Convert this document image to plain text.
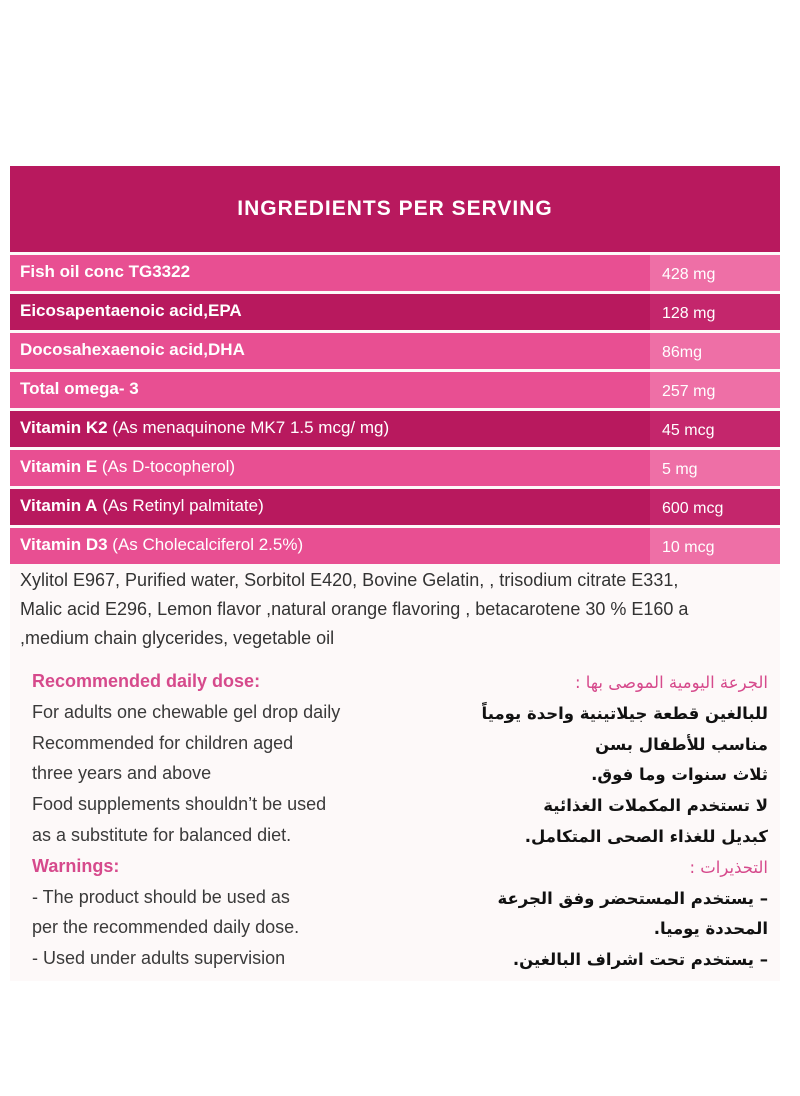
INGREDIENTS PER SERVING
Fish oil conc TG3322	428 mg
Eicosapentaenoic acid,EPA	128 mg
Docosahexaenoic acid,DHA	86mg
Total omega- 3	257 mg
Vitamin K2 (As menaquinone MK7 1.5 mcg/ mg)	45 mcg
Vitamin E (As D-tocopherol)	5 mg
Vitamin A (As Retinyl palmitate)	600 mcg
Vitamin D3 (As Cholecalciferol 2.5%)	10 mcg
Xylitol E967, Purified water, Sorbitol E420, Bovine Gelatin, , trisodium citrate E331,
Malic acid E296, Lemon flavor ,natural orange flavoring , betacarotene 30 % E160 a
,medium chain glycerides, vegetable oil
Recommended daily dose:
For adults one chewable gel drop daily
Recommended for children aged
three years and above
Food supplements shouldn’t be used
as a substitute for balanced diet.
Warnings:
- The product should be used as
per the recommended daily dose.
- Used under adults supervision
الجرعة اليومية الموصى بها :
للبالغين قطعة جيلاتينية واحدة يومياً
مناسب للأطفال بسن
ثلاث سنوات وما فوق.
لا تستخدم المكملات الغذائية
كبديل للغذاء الصحى المتكامل.
التحذيرات :
– يستخدم المستحضر وفق الجرعة
المحددة يوميا.
– يستخدم تحت اشراف البالغين.
